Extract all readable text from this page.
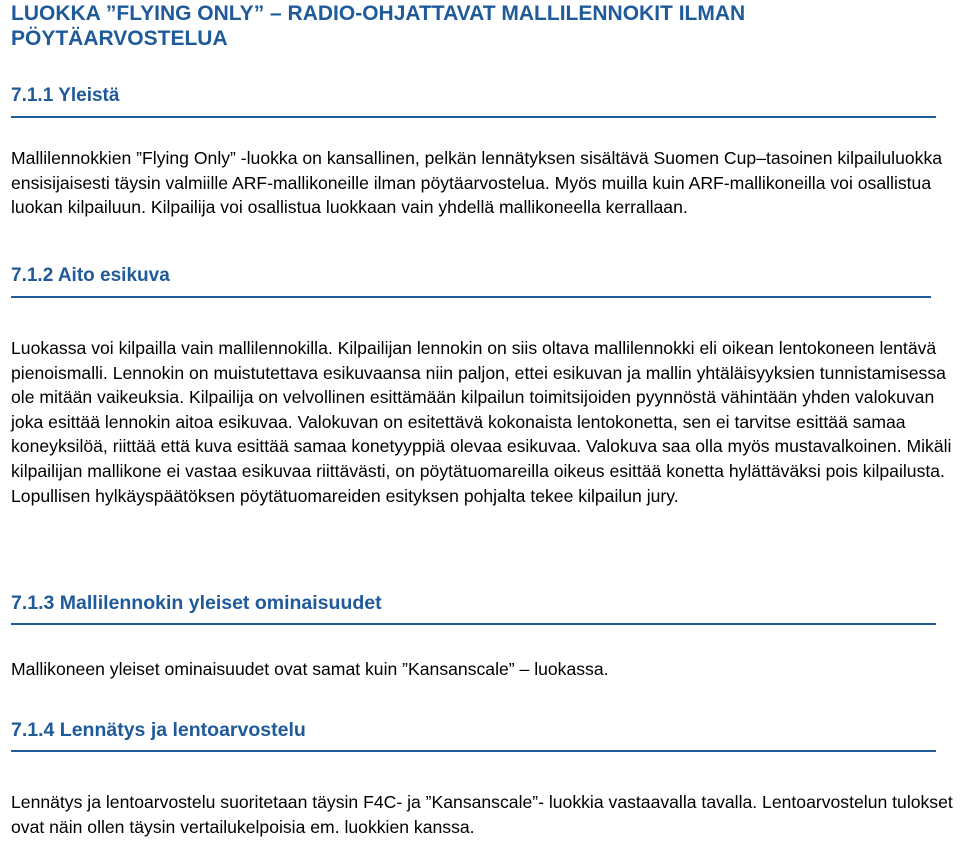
LUOKKA ”FLYING ONLY” – RADIO-OHJATTAVAT MALLILENNOKIT ILMAN PÖYTÄARVOSTELUA
7.1.1 Yleistä

Mallilennokkien ”Flying Only” -luokka on kansallinen, pelkän lennätyksen sisältävä Suomen Cup–tasoinen kilpailuluokka ensisijaisesti täysin valmiille ARF-mallikoneille ilman pöytäarvostelua. Myös muilla kuin ARF-mallikoneilla voi osallistua luokan kilpailuun. Kilpailija voi osallistua luokkaan vain yhdellä mallikoneella kerrallaan.

7.1.2 Aito esikuva

Luokassa voi kilpailla vain mallilennokilla. Kilpailijan lennokin on siis oltava mallilennokki eli oikean lentokoneen lentävä pienoismalli. Lennokin on muistutettava esikuvaansa niin paljon, ettei esikuvan ja mallin yhtäläisyyksien tunnistamisessa ole mitään vaikeuksia. Kilpailija on velvollinen esittämään kilpailun toimitsijoiden pyynnöstä vähintään yhden valokuvan joka esittää lennokin aitoa esikuvaa. Valokuvan on esitettävä kokonaista lentokonetta, sen ei tarvitse esittää samaa koneyksilöä, riittää että kuva esittää samaa konetyyppiä olevaa esikuvaa. Valokuva saa olla myös mustavalkoinen. Mikäli kilpailijan mallikone ei vastaa esikuvaa riittävästi, on pöytätuomareilla oikeus esittää konetta hylättäväksi pois kilpailusta. Lopullisen hylkäyspäätöksen pöytätuomareiden esityksen pohjalta tekee kilpailun jury.

7.1.3 Mallilennokin yleiset ominaisuudet

Mallikoneen yleiset ominaisuudet ovat samat kuin ”Kansanscale” – luokassa.

7.1.4 Lennätys ja lentoarvostelu

Lennätys ja lentoarvostelu suoritetaan täysin F4C- ja ”Kansanscale”- luokkia vastaavalla tavalla. Lentoarvostelun tulokset ovat näin ollen täysin vertailukelpoisia em. luokkien kanssa.
